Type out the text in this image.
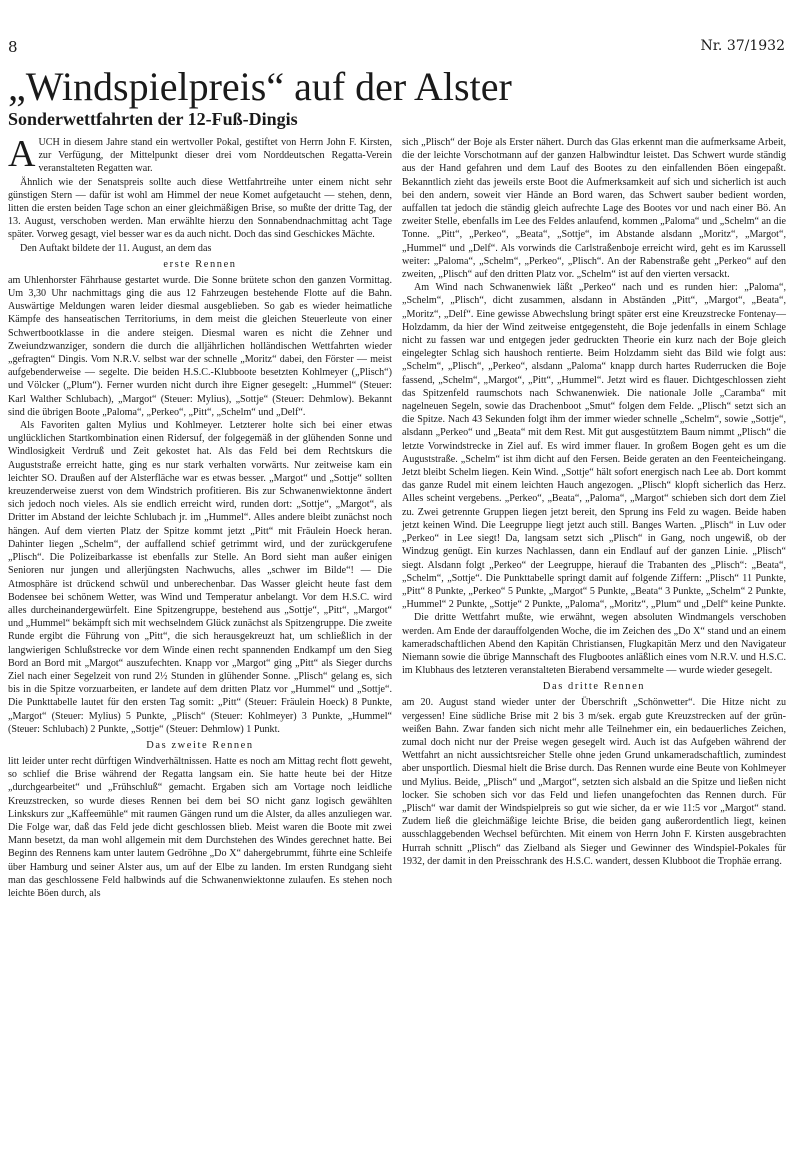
8	Nr. 37/1932
„Windspielpreis“ auf der Alster
Sonderwettfahrten der 12-Fuß-Dingis

AUCH in diesem Jahre stand ein wertvoller Pokal, gestiftet von Herrn John F. Kirsten, zur Verfügung, der Mittelpunkt dieser drei vom Norddeutschen Regatta-Verein veranstalteten Regatten war.

Ähnlich wie der Senatspreis sollte auch diese Wettfahrtreihe unter einem nicht sehr günstigen Stern — dafür ist wohl am Himmel der neue Komet aufgetaucht — stehen, denn, litten die ersten beiden Tage schon an einer gleichmäßigen Brise, so mußte der dritte Tag, der 13. August, verschoben werden. Man erwählte hierzu den Sonnabendnachmittag acht Tage später. Vorweg gesagt, viel besser war es da auch nicht. Doch das sind Geschickes Mächte.

Den Auftakt bildete der 11. August, an dem das

erste Rennen

am Uhlenhorster Fährhause gestartet wurde. Die Sonne brütete schon den ganzen Vormittag. Um 3,30 Uhr nachmittags ging die aus 12 Fahrzeugen bestehende Flotte auf die Bahn. Auswärtige Meldungen waren leider diesmal ausgeblieben. So gab es wieder heimatliche Kämpfe des hanseatischen Territoriums, in dem meist die gleichen Steuerleute von einer Schwertbootklasse in die andere steigen. Diesmal waren es nicht die Zehner und Zweiundzwanziger, sondern die durch die alljährlichen holländischen Wettfahrten wieder „gefragten“ Dingis. Vom N.R.V. selbst war der schnelle „Moritz“ dabei, den Förster — meist aufgebenderweise — segelte. Die beiden H.S.C.-Klubboote besetzten Kohlmeyer („Plisch“) und Völcker („Plum“). Ferner wurden nicht durch ihre Eigner gesegelt: „Hummel“ (Steuer: Karl Walther Schlubach), „Margot“ (Steuer: Mylius), „Sottje“ (Steuer: Dehmlow). Bekannt sind die übrigen Boote „Paloma“, „Perkeo“, „Pitt“, „Schelm“ und „Delf“.

Als Favoriten galten Mylius und Kohlmeyer. Letzterer holte sich bei einer etwas unglücklichen Startkombination einen Ridersuf, der folgegemäß in der glühenden Sonne und Windlosigkeit Verdruß und Zeit gekostet hat. Als das Feld bei dem Rechtskurs die Auguststraße erreicht hatte, ging es nur stark verhalten vorwärts. Nur zeitweise kam ein leichter SO. Draußen auf der Alsterfläche war es etwas besser. „Margot“ und „Sottje“ sollten kreuzenderweise zuerst von dem Windstrich profitieren. Bis zur Schwanenwiektonne ändert sich jedoch noch vieles. Als sie endlich erreicht wird, runden dort: „Sottje“, „Margot“, als Dritter im Abstand der leichte Schlubach jr. im „Hummel“. Alles andere bleibt zunächst noch hängen. Auf dem vierten Platz der Spitze kommt jetzt „Pitt“ mit Fräulein Hoeck heran. Dahinter liegen „Schelm“, der auffallend schief getrimmt wird, und der zurückgerufene „Plisch“. Die Polizeibarkasse ist ebenfalls zur Stelle. An Bord sieht man außer einigen Senioren nur jungen und allerjüngsten Nachwuchs, alles „schwer im Bilde“! — Die Atmosphäre ist drückend schwül und unberechenbar. Das Wasser gleicht heute fast dem Bodensee bei schönem Wetter, was Wind und Temperatur anbelangt. Vor dem H.S.C. wird alles durcheinandergewürfelt. Eine Spitzengruppe, bestehend aus „Sottje“, „Pitt“, „Margot“ und „Hummel“ bekämpft sich mit wechselndem Glück zunächst als Spitzengruppe. Die zweite Runde ergibt die Führung von „Pitt“, die sich herausgekreuzt hat, um schließlich in der langwierigen Schlußstrecke vor dem Winde einen recht spannenden Endkampf um den Sieg Bord an Bord mit „Margot“ auszufechten. Knapp vor „Margot“ ging „Pitt“ als Sieger durchs Ziel nach einer Segelzeit von rund 2½ Stunden in glühender Sonne. „Plisch“ gelang es, sich bis in die Spitze vorzuarbeiten, er landete auf dem dritten Platz vor „Hummel“ und „Sottje“. Die Punkttabelle lautet für den ersten Tag somit: „Pitt“ (Steuer: Fräulein Hoeck) 8 Punkte, „Margot“ (Steuer: Mylius) 5 Punkte, „Plisch“ (Steuer: Kohlmeyer) 3 Punkte, „Hummel“ (Steuer: Schlubach) 2 Punkte, „Sottje“ (Steuer: Dehmlow) 1 Punkt.

Das zweite Rennen

litt leider unter recht dürftigen Windverhältnissen. Hatte es noch am Mittag recht flott geweht, so schlief die Brise während der Regatta langsam ein. Sie hatte heute bei der Hitze „durchgearbeitet“ und „Frühschluß“ gemacht. Ergaben sich am Vortage noch leidliche Kreuzstrecken, so wurde dieses Rennen bei dem bei SO nicht ganz logisch gewählten Linkskurs zur „Kaffeemühle“ mit raumen Gängen rund um die Alster, da alles anzuliegen war. Die Folge war, daß das Feld jede dicht geschlossen blieb. Meist waren die Boote mit zwei Mann besetzt, da man wohl allgemein mit dem Durchstehen des Windes gerechnet hatte. Bei Beginn des Rennens kam unter lautem Gedröhne „Do X“ dahergebrummt, führte eine Schleife über Hamburg und seiner Alster aus, um auf der Elbe zu landen. Im ersten Rundgang sieht man das geschlossene Feld halbwinds auf die Schwanenwiektonne zulaufen. Es stehen noch leichte Böen durch, als

sich „Plisch“ der Boje als Erster nähert. Durch das Glas erkennt man die aufmerksame Arbeit, die der leichte Vorschotmann auf der ganzen Halbwindtur leistet. Das Schwert wurde ständig aus der Hand gefahren und dem Lauf des Bootes zu den einfallenden Böen eingepaßt. Bekanntlich zieht das jeweils erste Boot die Aufmerksamkeit auf sich und sicherlich ist auch bei den andern, soweit vier Hände an Bord waren, das Schwert sauber bedient worden, auffallen tat jedoch die ständig gleich aufrechte Lage des Bootes vor und nach einer Bö. An zweiter Stelle, ebenfalls im Lee des Feldes anlaufend, kommen „Paloma“ und „Schelm“ an die Tonne. „Pitt“, „Perkeo“, „Beata“, „Sottje“, im Abstande alsdann „Moritz“, „Margot“, „Hummel“ und „Delf“. Als vorwinds die Carlstraßenboje erreicht wird, geht es im Karussell weiter: „Paloma“, „Schelm“, „Perkeo“, „Plisch“. An der Rabenstraße geht „Perkeo“ auf den zweiten, „Plisch“ auf den dritten Platz vor. „Schelm“ ist auf den vierten versackt.

Am Wind nach Schwanenwiek läßt „Perkeo“ nach und es runden hier: „Paloma“, „Schelm“, „Plisch“, dicht zusammen, alsdann in Abständen „Pitt“, „Margot“, „Beata“, „Moritz“, „Delf“. Eine gewisse Abwechslung bringt später erst eine Kreuzstrecke Fontenay—Holzdamm, da hier der Wind zeitweise entgegensteht, die Boje jedenfalls in einem Schlage nicht zu fassen war und entgegen jeder gedruckten Theorie ein kurz nach der Boje gleich eingelegter Schlag sich haushoch rentierte. Beim Holzdamm sieht das Bild wie folgt aus: „Schelm“, „Plisch“, „Perkeo“, alsdann „Paloma“ knapp durch hartes Ruderrucken die Boje fassend, „Schelm“, „Margot“, „Pitt“, „Hummel“. Jetzt wird es flauer. Dichtgeschlossen zieht das Spitzenfeld raumschots nach Schwanenwiek. Die nationale Jolle „Caramba“ mit nagelneuen Segeln, sowie das Drachenboot „Smut“ folgen dem Felde. „Plisch“ setzt sich an die Spitze. Nach 43 Sekunden folgt ihm der immer wieder schnelle „Schelm“, sowie „Sottje“, alsdann „Perkeo“ und „Beata“ mit dem Rest. Mit gut ausgestütztem Baum nimmt „Plisch“ die letzte Vorwindstrecke in Ziel auf. Es wird immer flauer. In großem Bogen geht es um die Auguststraße. „Schelm“ ist ihm dicht auf den Fersen. Beide geraten an den Feenteicheingang. Jetzt bleibt Schelm liegen. Kein Wind. „Sottje“ hält sofort energisch nach Lee ab. Dort kommt das ganze Rudel mit einem leichten Hauch angezogen. „Plisch“ klopft sicherlich das Herz. Alles scheint vergebens. „Perkeo“, „Beata“, „Paloma“, „Margot“ schieben sich dort dem Ziel zu. Zwei getrennte Gruppen liegen jetzt bereit, den Sprung ins Feld zu wagen. Beide haben jetzt keinen Wind. Die Leegruppe liegt jetzt auch still. Banges Warten. „Plisch“ in Luv oder „Perkeo“ in Lee siegt! Da, langsam setzt sich „Plisch“ in Gang, noch ungewiß, ob der Windzug genügt. Ein kurzes Nachlassen, dann ein Endlauf auf der ganzen Linie. „Plisch“ siegt. Alsdann folgt „Perkeo“ der Leegruppe, hierauf die Trabanten des „Plisch“: „Beata“, „Schelm“, „Sottje“. Die Punkttabelle springt damit auf folgende Ziffern: „Plisch“ 11 Punkte, „Pitt“ 8 Punkte, „Perkeo“ 5 Punkte, „Margot“ 5 Punkte, „Beata“ 3 Punkte, „Schelm“ 2 Punkte, „Hummel“ 2 Punkte, „Sottje“ 2 Punkte, „Paloma“, „Moritz“, „Plum“ und „Delf“ keine Punkte.

Die dritte Wettfahrt mußte, wie erwähnt, wegen absoluten Windmangels verschoben werden. Am Ende der darauffolgenden Woche, die im Zeichen des „Do X“ stand und an einem kameradschaftlichen Abend den Kapitän Christiansen, Flugkapitän Merz und den Navigateur Niemann sowie die übrige Mannschaft des Flugbootes anläßlich eines vom N.R.V. und H.S.C. im Klubhaus des letzteren veranstalteten Bierabend versammelte — wurde wieder gesegelt.

Das dritte Rennen

am 20. August stand wieder unter der Überschrift „Schönwetter“. Die Hitze nicht zu vergessen! Eine südliche Brise mit 2 bis 3 m/sek. ergab gute Kreuzstrecken auf der grün-weißen Bahn. Zwar fanden sich nicht mehr alle Teilnehmer ein, ein bedauerliches Zeichen, zumal doch nicht nur der Preise wegen gesegelt wird. Auch ist das Aufgeben während der Wettfahrt an nicht aussichtsreicher Stelle ohne jeden Grund unkameradschaftlich, zumindest aber unsportlich. Diesmal hielt die Brise durch. Das Rennen wurde eine Beute von Kohlmeyer und Mylius. Beide, „Plisch“ und „Margot“, setzten sich alsbald an die Spitze und ließen nicht locker. Sie schoben sich vor das Feld und liefen unangefochten das Rennen durch. Für „Plisch“ war damit der Windspielpreis so gut wie sicher, da er wie 11:5 vor „Margot“ stand. Zudem ließ die gleichmäßige leichte Brise, die beiden gang außerordentlich liegt, keinen ausschlaggebenden Wechsel befürchten. Mit einem von Herrn John F. Kirsten ausgebrachten Hurrah schnitt „Plisch“ das Zielband als Sieger und Gewinner des Windspiel-Pokales für 1932, der damit in den Preisschrank des H.S.C. wandert, dessen Klubboot die Trophäe errang.
